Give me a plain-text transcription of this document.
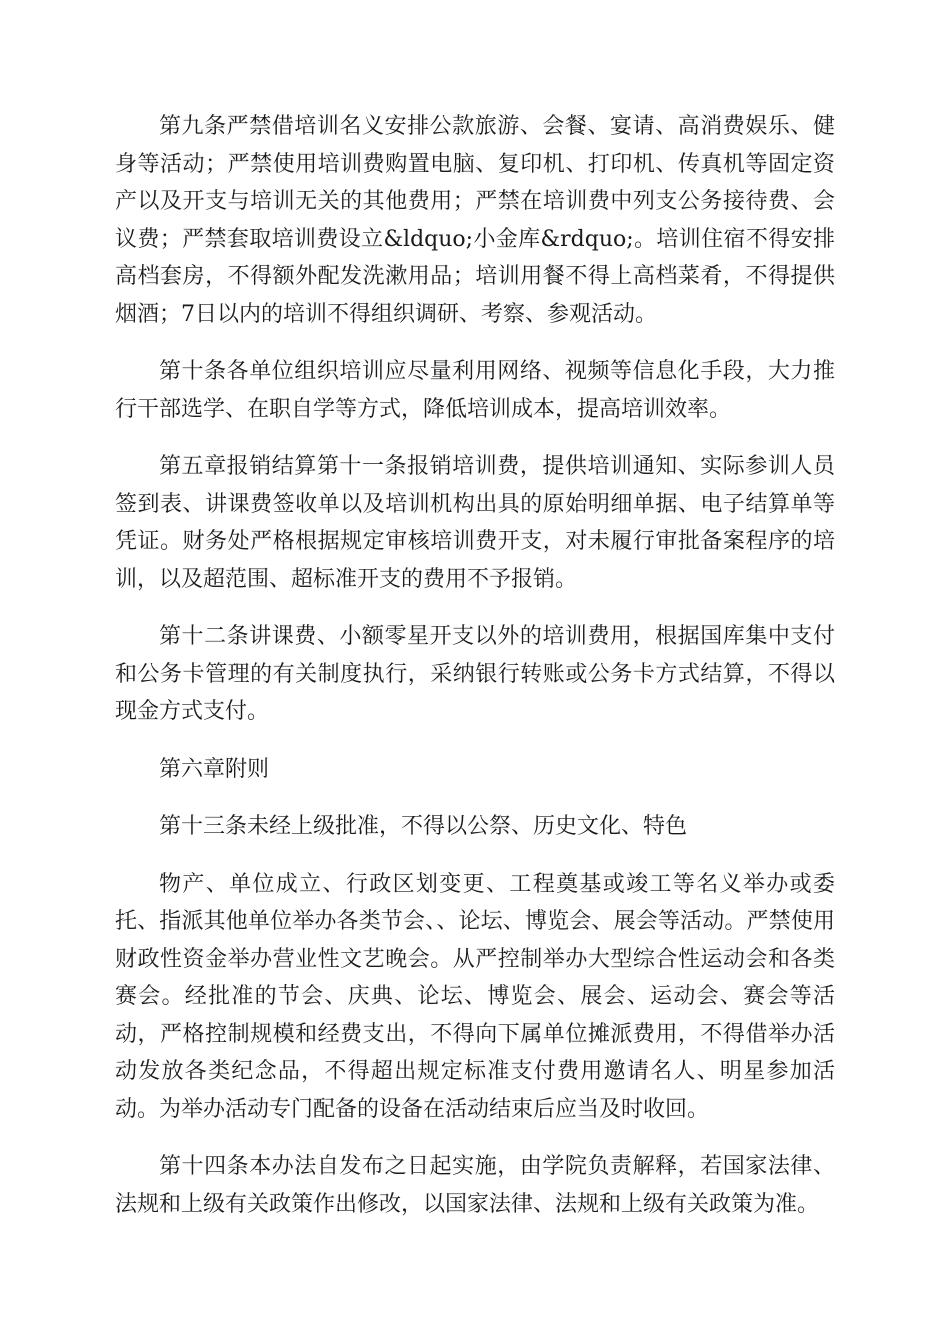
第九条严禁借培训名义安排公款旅游、会餐、宴请、高消费娱乐、健身等活动；严禁使用培训费购置电脑、复印机、打印机、传真机等固定资产以及开支与培训无关的其他费用；严禁在培训费中列支公务接待费、会议费；严禁套取培训费设立&ldquo;小金库&rdquo;。培训住宿不得安排高档套房，不得额外配发洗漱用品；培训用餐不得上高档菜肴，不得提供烟酒；7日以内的培训不得组织调研、考察、参观活动。

第十条各单位组织培训应尽量利用网络、视频等信息化手段，大力推行干部选学、在职自学等方式，降低培训成本，提高培训效率。

第五章报销结算第十一条报销培训费，提供培训通知、实际参训人员签到表、讲课费签收单以及培训机构出具的原始明细单据、电子结算单等凭证。财务处严格根据规定审核培训费开支，对未履行审批备案程序的培训，以及超范围、超标准开支的费用不予报销。

第十二条讲课费、小额零星开支以外的培训费用，根据国库集中支付和公务卡管理的有关制度执行，采纳银行转账或公务卡方式结算，不得以现金方式支付。

第六章附则

第十三条未经上级批准，不得以公祭、历史文化、特色

物产、单位成立、行政区划变更、工程奠基或竣工等名义举办或委托、指派其他单位举办各类节会、、论坛、博览会、展会等活动。严禁使用财政性资金举办营业性文艺晚会。从严控制举办大型综合性运动会和各类赛会。经批准的节会、庆典、论坛、博览会、展会、运动会、赛会等活动，严格控制规模和经费支出，不得向下属单位摊派费用，不得借举办活动发放各类纪念品，不得超出规定标准支付费用邀请名人、明星参加活动。为举办活动专门配备的设备在活动结束后应当及时收回。

第十四条本办法自发布之日起实施，由学院负责解释，若国家法律、法规和上级有关政策作出修改，以国家法律、法规和上级有关政策为准。
